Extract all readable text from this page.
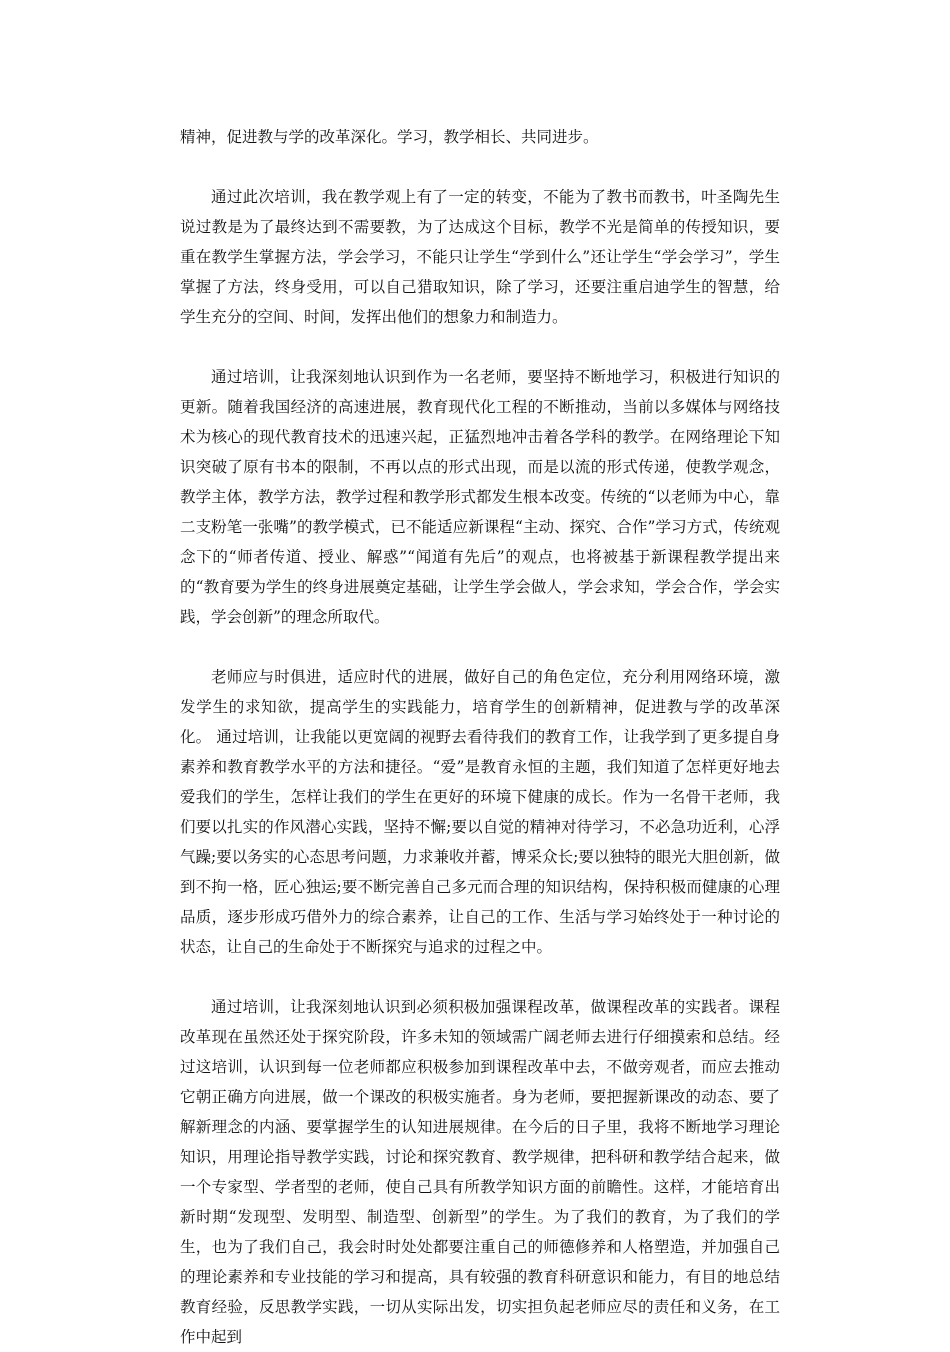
精神，促进教与学的改革深化。学习，教学相长、共同进步。

通过此次培训，我在教学观上有了一定的转变，不能为了教书而教书，叶圣陶先生说过教是为了最终达到不需要教，为了达成这个目标，教学不光是简单的传授知识，要重在教学生掌握方法，学会学习，不能只让学生“学到什么”还让学生“学会学习”，学生掌握了方法，终身受用，可以自己猎取知识，除了学习，还要注重启迪学生的智慧，给学生充分的空间、时间，发挥出他们的想象力和制造力。

通过培训，让我深刻地认识到作为一名老师，要坚持不断地学习，积极进行知识的更新。随着我国经济的高速进展，教育现代化工程的不断推动，当前以多媒体与网络技术为核心的现代教育技术的迅速兴起，正猛烈地冲击着各学科的教学。在网络理论下知识突破了原有书本的限制，不再以点的形式出现，而是以流的形式传递，使教学观念，教学主体，教学方法，教学过程和教学形式都发生根本改变。传统的“以老师为中心，靠二支粉笔一张嘴”的教学模式，已不能适应新课程“主动、探究、合作”学习方式，传统观念下的“师者传道、授业、解惑”“闻道有先后”的观点，也将被基于新课程教学提出来的“教育要为学生的终身进展奠定基础，让学生学会做人，学会求知，学会合作，学会实践，学会创新”的理念所取代。

老师应与时俱进，适应时代的进展，做好自己的角色定位，充分利用网络环境，激发学生的求知欲，提高学生的实践能力，培育学生的创新精神，促进教与学的改革深化。 通过培训，让我能以更宽阔的视野去看待我们的教育工作，让我学到了更多提自身素养和教育教学水平的方法和捷径。“爱”是教育永恒的主题，我们知道了怎样更好地去爱我们的学生，怎样让我们的学生在更好的环境下健康的成长。作为一名骨干老师，我们要以扎实的作风潜心实践，坚持不懈;要以自觉的精神对待学习，不必急功近利，心浮气躁;要以务实的心态思考问题，力求兼收并蓄，博采众长;要以独特的眼光大胆创新，做到不拘一格，匠心独运;要不断完善自己多元而合理的知识结构，保持积极而健康的心理品质，逐步形成巧借外力的综合素养，让自己的工作、生活与学习始终处于一种讨论的状态，让自己的生命处于不断探究与追求的过程之中。

通过培训，让我深刻地认识到必须积极加强课程改革，做课程改革的实践者。课程改革现在虽然还处于探究阶段，许多未知的领域需广阔老师去进行仔细摸索和总结。经过这培训，认识到每一位老师都应积极参加到课程改革中去，不做旁观者，而应去推动它朝正确方向进展，做一个课改的积极实施者。身为老师，要把握新课改的动态、要了解新理念的内涵、要掌握学生的认知进展规律。在今后的日子里，我将不断地学习理论知识，用理论指导教学实践，讨论和探究教育、教学规律，把科研和教学结合起来，做一个专家型、学者型的老师，使自己具有所教学知识方面的前瞻性。这样，才能培育出新时期“发现型、发明型、制造型、创新型”的学生。为了我们的教育，为了我们的学生，也为了我们自己，我会时时处处都要注重自己的师德修养和人格塑造，并加强自己的理论素养和专业技能的学习和提高，具有较强的教育科研意识和能力，有目的地总结教育经验，反思教学实践，一切从实际出发，切实担负起老师应尽的责任和义务，在工作中起到
